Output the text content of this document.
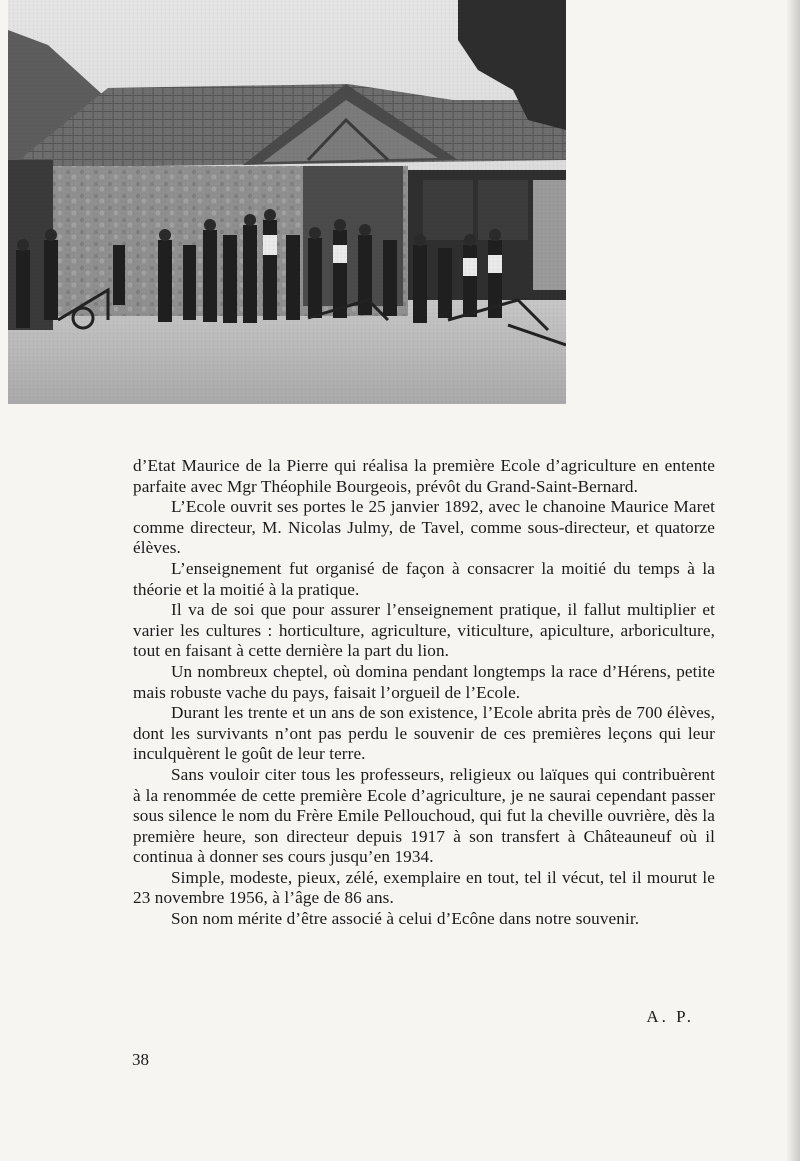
d’Etat Maurice de la Pierre qui réalisa la première Ecole d’agriculture en entente parfaite avec Mgr Théophile Bourgeois, prévôt du Grand-Saint-Bernard.

L’Ecole ouvrit ses portes le 25 janvier 1892, avec le chanoine Maurice Maret comme directeur, M. Nicolas Julmy, de Tavel, comme sous-directeur, et quatorze élèves.

L’enseignement fut organisé de façon à consacrer la moitié du temps à la théorie et la moitié à la pratique.

Il va de soi que pour assurer l’enseignement pratique, il fallut multiplier et varier les cultures : horticulture, agriculture, viticulture, apiculture, arboriculture, tout en faisant à cette dernière la part du lion.

Un nombreux cheptel, où domina pendant longtemps la race d’Hérens, petite mais robuste vache du pays, faisait l’orgueil de l’Ecole.

Durant les trente et un ans de son existence, l’Ecole abrita près de 700 élèves, dont les survivants n’ont pas perdu le souvenir de ces premières leçons qui leur inculquèrent le goût de leur terre.

Sans vouloir citer tous les professeurs, religieux ou laïques qui contribuèrent à la renommée de cette première Ecole d’agriculture, je ne saurai cependant passer sous silence le nom du Frère Emile Pellouchoud, qui fut la cheville ouvrière, dès la première heure, son directeur depuis 1917 à son transfert à Châteauneuf où il continua à donner ses cours jusqu’en 1934.

Simple, modeste, pieux, zélé, exemplaire en tout, tel il vécut, tel il mourut le 23 novembre 1956, à l’âge de 86 ans.

Son nom mérite d’être associé à celui d’Ecône dans notre souvenir.

A. P.
38
